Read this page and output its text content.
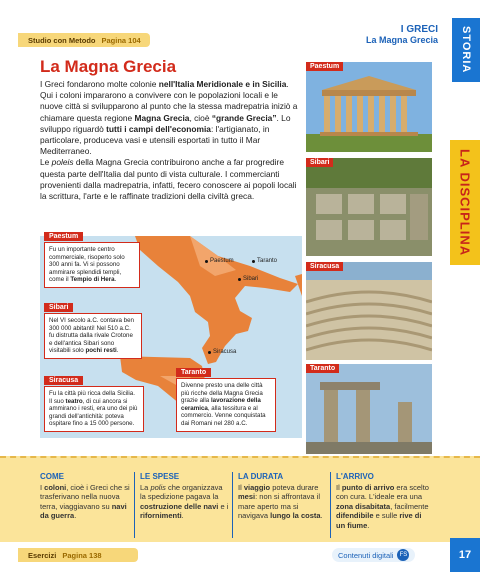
Studio con Metodo Pagina 104
I GRECI
La Magna Grecia STORIA
LA DISCIPLINA
La Magna Grecia

I Greci fondarono molte colonie nell'Italia Meridionale e in Sicilia. Qui i coloni impararono a convivere con le popolazioni locali e le nuove città si svilupparono al punto che la stessa madrepatria iniziò a chiamare questa regione Magna Grecia, cioè “grande Grecia”. Lo sviluppo riguardò tutti i campi dell'economia: l'artigianato, in particolare, produceva vasi e utensili esportati in tutto il Mar Mediterraneo.

Le poleis della Magna Grecia contribuirono anche a far progredire questa parte dell'Italia dal punto di vista culturale. I commercianti provenienti dalla madrepatria, infatti, fecero conoscere ai popoli locali la scrittura, l'arte e le raffinate tradizioni della civiltà greca.

Paestum	Taranto
Sibari
Siracusa
Paestum
Fu un importante centro commerciale, risoperto solo 300 anni fa. Vi si possono ammirare splendidi templi, come il Tempio di Hera.
Sibari
Nel VI secolo a.C. contava ben 300 000 abitanti! Nel 510 a.C. fu distrutta dalla rivale Crotone e dell'antica Sibari sono visitabili solo pochi resti.
Siracusa
Fu la città più ricca della Sicilia. Il suo teatro, di cui ancora si ammirano i resti, era uno dei più grandi dell'antichità: poteva ospitare fino a 15 000 persone.
Taranto
Divenne presto una delle città più ricche della Magna Grecia grazie alla lavorazione della ceramica, alla tessitura e al commercio. Venne conquistata dai Romani nel 280 a.C.
Paestum
Sibari
Siracusa
Taranto
COME
I coloni, cioè i Greci che si trasferivano nella nuova terra, viaggiavano su navi da guerra.
LE SPESE
La polis che organizzava la spedizione pagava la costruzione delle navi e i rifornimenti.
LA DURATA
Il viaggio poteva durare mesi: non si affrontava il mare aperto ma si navigava lungo la costa.
L'ARRIVO
Il punto di arrivo era scelto con cura. L'ideale era una zona disabitata, facilmente difendibile e sulle rive di un fiume.
Esercizi Pagina 138	Contenuti digitali	FS	17
